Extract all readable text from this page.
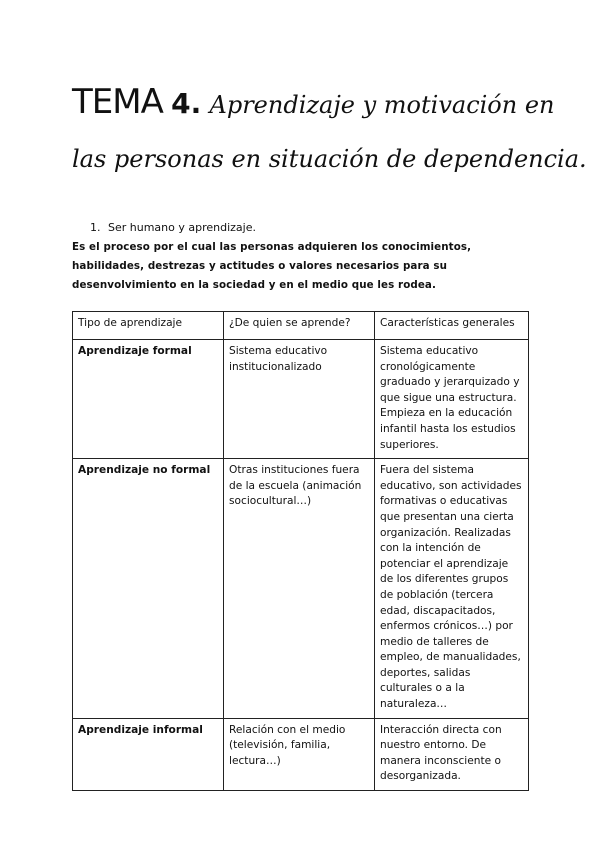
TEMA 4. Aprendizaje y motivación en
las personas en situación de dependencia.

1. Ser humano y aprendizaje.

Es el proceso por el cual las personas adquieren los conocimientos, habilidades, destrezas y actitudes o valores necesarios para su desenvolvimiento en la sociedad y en el medio que les rodea.

Tipo de aprendizaje	¿De quien se aprende?	Características generales
Aprendizaje formal	Sistema educativo institucionalizado	Sistema educativo cronológicamente graduado y jerarquizado y que sigue una estructura. Empieza en la educación infantil hasta los estudios superiores.
Aprendizaje no formal	Otras instituciones fuera de la escuela (animación sociocultural…)	Fuera del sistema educativo, son actividades formativas o educativas que presentan una cierta organización. Realizadas con la intención de potenciar el aprendizaje de los diferentes grupos de población (tercera edad, discapacitados, enfermos crónicos…) por medio de talleres de empleo, de manualidades, deportes, salidas culturales o a la naturaleza…
Aprendizaje informal	Relación con el medio (televisión, familia, lectura…)	Interacción directa con nuestro entorno. De manera inconsciente o desorganizada.
